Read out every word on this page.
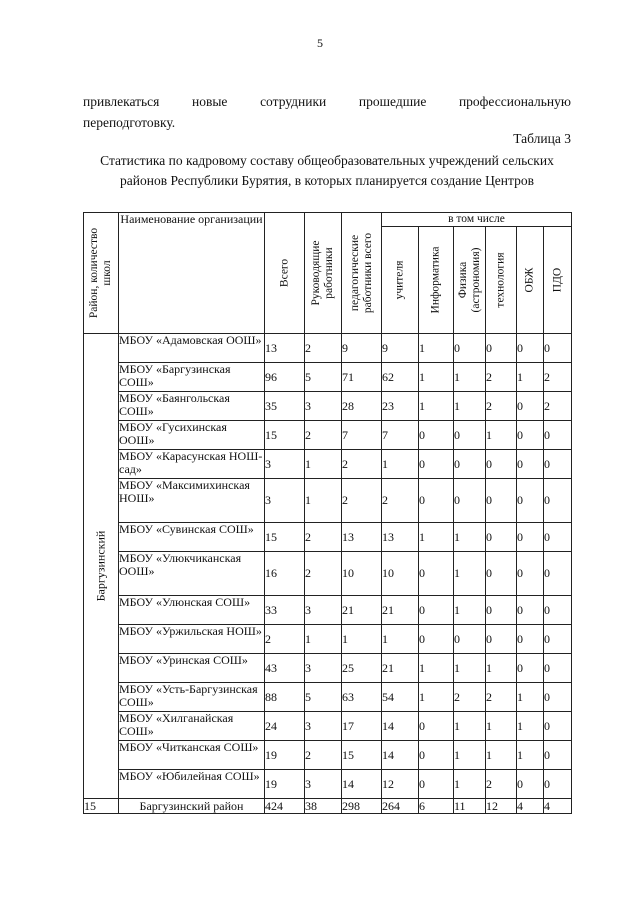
5
привлекаться новые сотрудники прошедшие профессиональную
переподготовку.
Таблица 3
Статистика по кадровому составу общеобразовательных учреждений сельских районов Республики Бурятия, в которых планируется создание Центров
Район, количество школ	Наименование организации	Всего	Руководящие работники	педагогические работники всего	в том числе					

					учителя	Информатика	Физика (астрономия)	технология	ОБЖ	ПДО

Баргузинский	МБОУ «Адамовская ООШ»	13	2	9	9	1	0	0	0	0
	МБОУ «Баргузинская СОШ»	96	5	71	62	1	1	2	1	2
	МБОУ «Баянгольская СОШ»	35	3	28	23	1	1	2	0	2
	МБОУ «Гусихинская ООШ»	15	2	7	7	0	0	1	0	0
	МБОУ «Карасунская НОШ-сад»	3	1	2	1	0	0	0	0	0
	МБОУ «Максимихинская НОШ»	3	1	2	2	0	0	0	0	0
	МБОУ «Сувинская СОШ»	15	2	13	13	1	1	0	0	0
	МБОУ «Улюкчиканская ООШ»	16	2	10	10	0	1	0	0	0
	МБОУ «Улюнская СОШ»	33	3	21	21	0	1	0	0	0
	МБОУ «Уржильская НОШ»	2	1	1	1	0	0	0	0	0
	МБОУ «Уринская СОШ»	43	3	25	21	1	1	1	0	0
	МБОУ «Усть-Баргузинская СОШ»	88	5	63	54	1	2	2	1	0
	МБОУ «Хилганайская СОШ»	24	3	17	14	0	1	1	1	0
	МБОУ «Читканская СОШ»	19	2	15	14	0	1	1	1	0
	МБОУ «Юбилейная СОШ»	19	3	14	12	0	1	2	0	0
15	Баргузинский район	424	38	298	264	6	11	12	4	4
